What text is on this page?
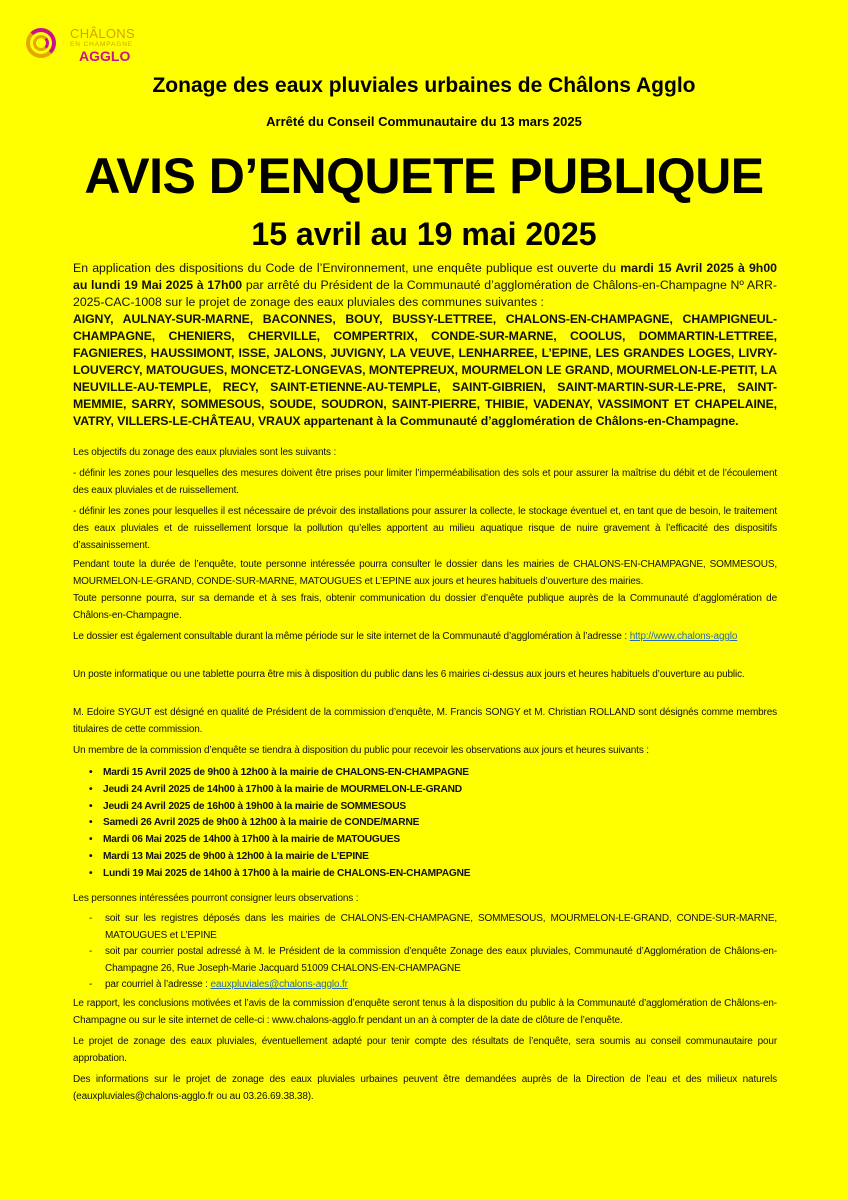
CHÂLONS
EN CHAMPAGNE
AGGLO
Zonage des eaux pluviales urbaines de Châlons Agglo
Arrêté du Conseil Communautaire du 13 mars 2025
AVIS D’ENQUETE PUBLIQUE
15 avril au 19 mai 2025
En application des dispositions du Code de l’Environnement, une enquête publique est ouverte du mardi 15 Avril 2025 à 9h00 au lundi 19 Mai 2025 à 17h00 par arrêté du Président de la Communauté d’agglomération de Châlons-en-Champagne Nº ARR-2025-CAC-1008 sur le projet de zonage des eaux pluviales des communes suivantes :
AIGNY, AULNAY-SUR-MARNE, BACONNES, BOUY, BUSSY-LETTREE, CHALONS-EN-CHAMPAGNE, CHAMPIGNEUL-CHAMPAGNE, CHENIERS, CHERVILLE, COMPERTRIX, CONDE-SUR-MARNE, COOLUS, DOMMARTIN-LETTREE, FAGNIERES, HAUSSIMONT, ISSE, JALONS, JUVIGNY, LA VEUVE, LENHARREE, L’EPINE, LES GRANDES LOGES, LIVRY-LOUVERCY, MATOUGUES, MONCETZ-LONGEVAS, MONTEPREUX, MOURMELON LE GRAND, MOURMELON-LE-PETIT, LA NEUVILLE-AU-TEMPLE, RECY, SAINT-ETIENNE-AU-TEMPLE, SAINT-GIBRIEN, SAINT-MARTIN-SUR-LE-PRE, SAINT-MEMMIE, SARRY, SOMMESOUS, SOUDE, SOUDRON, SAINT-PIERRE, THIBIE, VADENAY, VASSIMONT ET CHAPELAINE, VATRY, VILLERS-LE-CHÂTEAU, VRAUX appartenant à la Communauté d’agglomération de Châlons-en-Champagne.
Les objectifs du zonage des eaux pluviales sont les suivants :
- définir les zones pour lesquelles des mesures doivent être prises pour limiter l’imperméabilisation des sols et pour assurer la maîtrise du débit et de l’écoulement des eaux pluviales et de ruissellement.
- définir les zones pour lesquelles il est nécessaire de prévoir des installations pour assurer la collecte, le stockage éventuel et, en tant que de besoin, le traitement des eaux pluviales et de ruissellement lorsque la pollution qu’elles apportent au milieu aquatique risque de nuire gravement à l’efficacité des dispositifs d’assainissement.
Pendant toute la durée de l’enquête, toute personne intéressée pourra consulter le dossier dans les mairies de CHALONS-EN-CHAMPAGNE, SOMMESOUS, MOURMELON-LE-GRAND, CONDE-SUR-MARNE, MATOUGUES et L’EPINE aux jours et heures habituels d’ouverture des mairies.
Toute personne pourra, sur sa demande et à ses frais, obtenir communication du dossier d’enquête publique auprès de la Communauté d’agglomération de Châlons-en-Champagne.
Le dossier est également consultable durant la même période sur le site internet de la Communauté d’agglomération à l’adresse : http://www.chalons-agglo
Un poste informatique ou une tablette pourra être mis à disposition du public dans les 6 mairies ci-dessus aux jours et heures habituels d’ouverture au public.
M. Edoire SYGUT est désigné en qualité de Président de la commission d’enquête, M. Francis SONGY et M. Christian ROLLAND sont désignés comme membres titulaires de cette commission.
Un membre de la commission d’enquête se tiendra à disposition du public pour recevoir les observations aux jours et heures suivants :
• Mardi 15 Avril 2025 de 9h00 à 12h00 à la mairie de CHALONS-EN-CHAMPAGNE
• Jeudi 24 Avril 2025 de 14h00 à 17h00 à la mairie de MOURMELON-LE-GRAND
• Jeudi 24 Avril 2025 de 16h00 à 19h00 à la mairie de SOMMESOUS
• Samedi 26 Avril 2025 de 9h00 à 12h00 à la mairie de CONDE/MARNE
• Mardi 06 Mai 2025 de 14h00 à 17h00 à la mairie de MATOUGUES
• Mardi 13 Mai 2025 de 9h00 à 12h00 à la mairie de L’EPINE
• Lundi 19 Mai 2025 de 14h00 à 17h00 à la mairie de CHALONS-EN-CHAMPAGNE
Les personnes intéressées pourront consigner leurs observations :
- soit sur les registres déposés dans les mairies de CHALONS-EN-CHAMPAGNE, SOMMESOUS, MOURMELON-LE-GRAND, CONDE-SUR-MARNE, MATOUGUES et L’EPINE
- soit par courrier postal adressé à M. le Président de la commission d’enquête Zonage des eaux pluviales, Communauté d’Agglomération de Châlons-en-Champagne 26, Rue Joseph-Marie Jacquard 51009 CHALONS-EN-CHAMPAGNE
- par courriel à l’adresse : eauxpluviales@chalons-agglo.fr
Le rapport, les conclusions motivées et l’avis de la commission d’enquête seront tenus à la disposition du public à la Communauté d’agglomération de Châlons-en-Champagne ou sur le site internet de celle-ci : www.chalons-agglo.fr pendant un an à compter de la date de clôture de l’enquête.
Le projet de zonage des eaux pluviales, éventuellement adapté pour tenir compte des résultats de l’enquête, sera soumis au conseil communautaire pour approbation.
Des informations sur le projet de zonage des eaux pluviales urbaines peuvent être demandées auprès de la Direction de l’eau et des milieux naturels (eauxpluviales@chalons-agglo.fr ou au 03.26.69.38.38).
